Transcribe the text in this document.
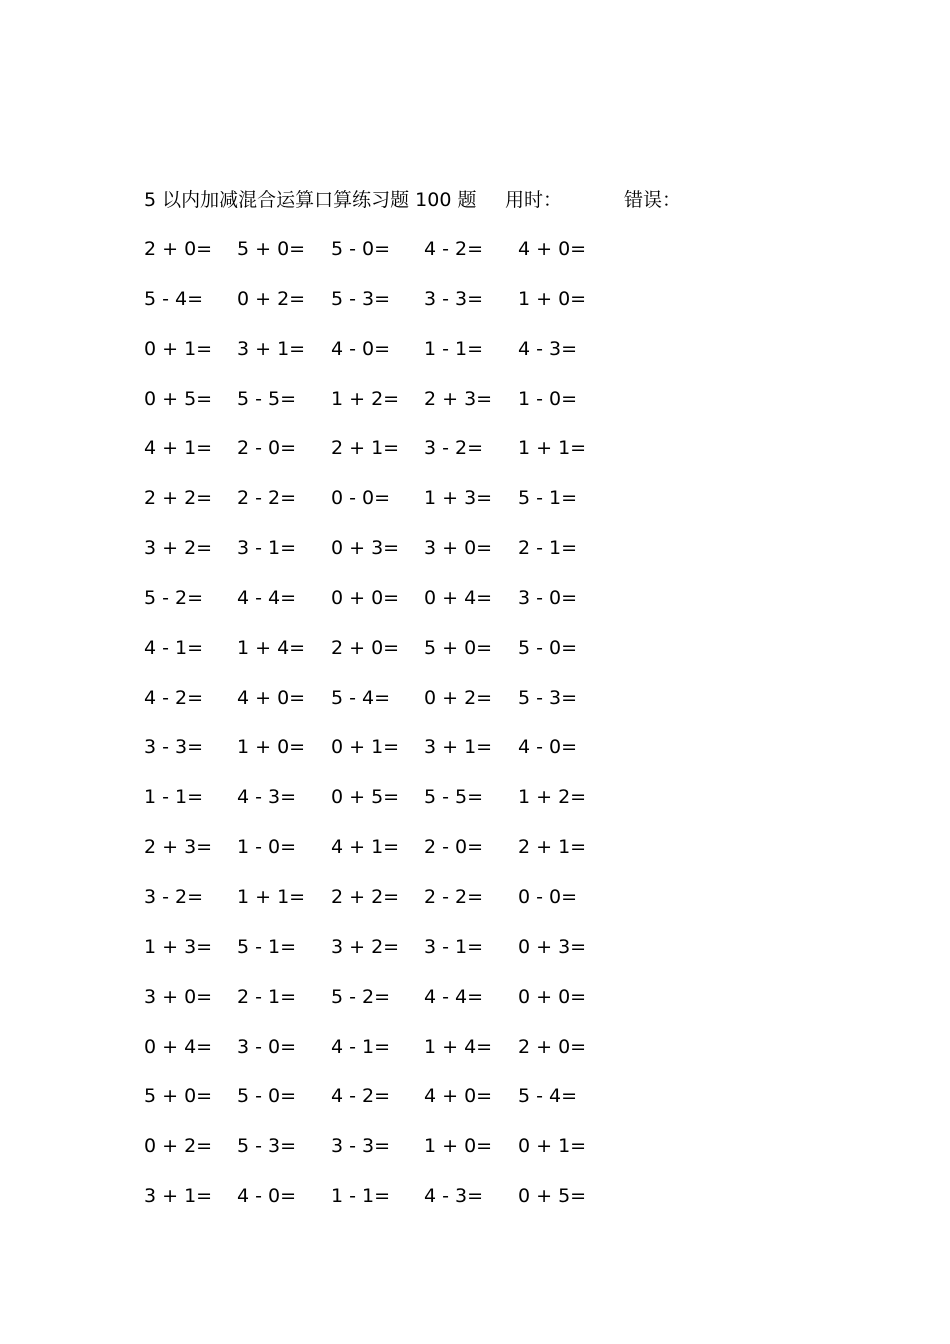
5 以内加减混合运算口算练习题 100 题 用时：	错误：
2 + 0= 5 + 0= 5 - 0= 4 - 2= 4 + 0=
5 - 4= 0 + 2= 5 - 3= 3 - 3= 1 + 0=
0 + 1= 3 + 1= 4 - 0= 1 - 1= 4 - 3=
0 + 5= 5 - 5= 1 + 2= 2 + 3= 1 - 0=
4 + 1= 2 - 0= 2 + 1= 3 - 2= 1 + 1=
2 + 2= 2 - 2= 0 - 0= 1 + 3= 5 - 1=
3 + 2= 3 - 1= 0 + 3= 3 + 0= 2 - 1=
5 - 2= 4 - 4= 0 + 0= 0 + 4= 3 - 0=
4 - 1= 1 + 4= 2 + 0= 5 + 0= 5 - 0=
4 - 2= 4 + 0= 5 - 4= 0 + 2= 5 - 3=
3 - 3= 1 + 0= 0 + 1= 3 + 1= 4 - 0=
1 - 1= 4 - 3= 0 + 5= 5 - 5= 1 + 2=
2 + 3= 1 - 0= 4 + 1= 2 - 0= 2 + 1=
3 - 2= 1 + 1= 2 + 2= 2 - 2= 0 - 0=
1 + 3= 5 - 1= 3 + 2= 3 - 1= 0 + 3=
3 + 0= 2 - 1= 5 - 2= 4 - 4= 0 + 0=
0 + 4= 3 - 0= 4 - 1= 1 + 4= 2 + 0=
5 + 0= 5 - 0= 4 - 2= 4 + 0= 5 - 4=
0 + 2= 5 - 3= 3 - 3= 1 + 0= 0 + 1=
3 + 1= 4 - 0= 1 - 1= 4 - 3= 0 + 5=
